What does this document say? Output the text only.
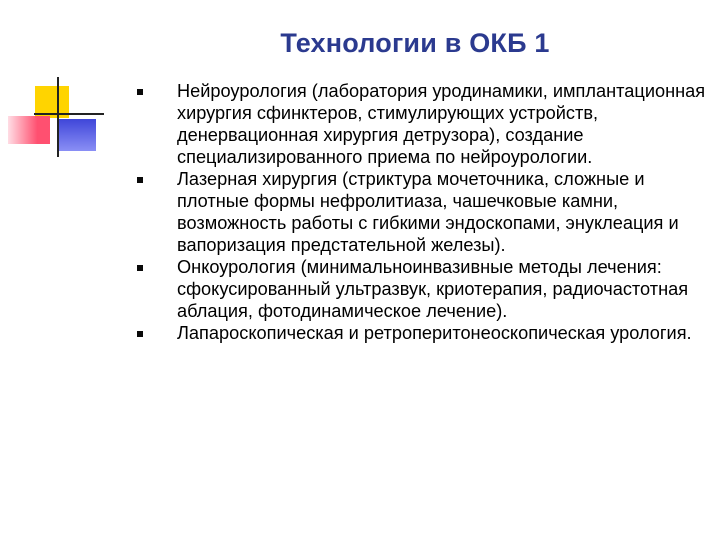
Технологии в ОКБ 1
Нейроурология (лаборатория уродинамики, имплантационная хирургия сфинктеров, стимулирующих устройств, денервационная хирургия детрузора), создание специализированного приема по нейроурологии.
Лазерная хирургия (стриктура мочеточника, сложные и плотные формы нефролитиаза, чашечковые камни, возможность работы с гибкими эндоскопами, энуклеация и вапоризация предстательной железы).
Онкоурология (минимальноинвазивные методы лечения: сфокусированный ультразвук, криотерапия, радиочастотная аблация, фотодинамическое лечение).
Лапароскопическая и ретроперитонеоскопическая урология.
